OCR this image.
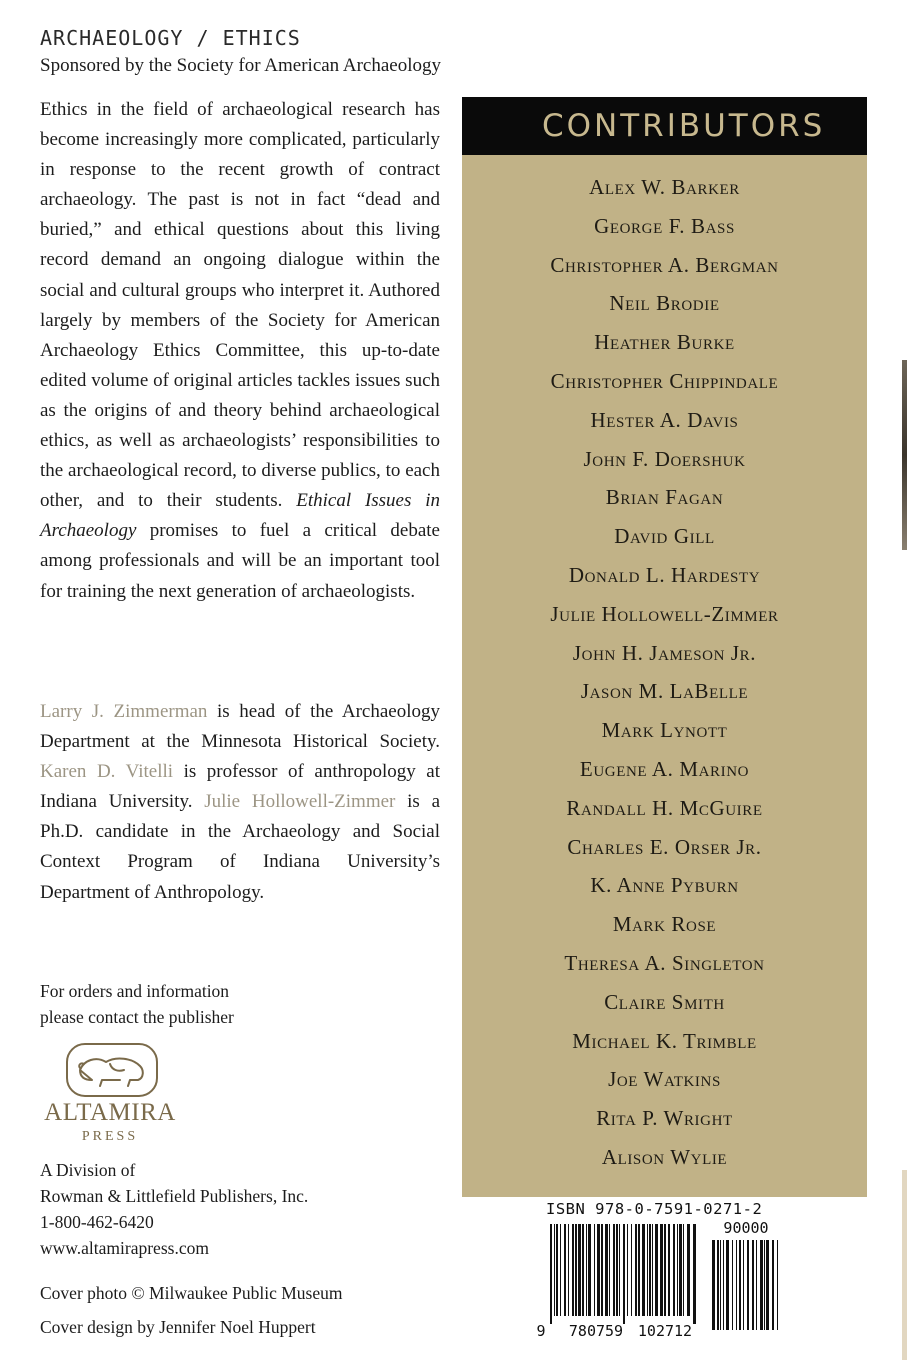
ARCHAEOLOGY / ETHICS
Sponsored by the Society for American Archaeology
Ethics in the field of archaeological research has become increasingly more complicated, particularly in response to the recent growth of contract archaeology. The past is not in fact “dead and buried,” and ethical questions about this living record demand an ongoing dialogue within the social and cultural groups who interpret it. Authored largely by members of the Society for American Archaeology Ethics Committee, this up-to-date edited volume of original articles tackles issues such as the origins of and theory behind archaeological ethics, as well as archaeologists’ responsibilities to the archaeological record, to diverse publics, to each other, and to their students. Ethical Issues in Archaeology promises to fuel a critical debate among professionals and will be an important tool for training the next generation of archaeologists.
Larry J. Zimmerman is head of the Archaeology Department at the Minnesota Historical Society. Karen D. Vitelli is professor of anthropology at Indiana University. Julie Hollowell-Zimmer is a Ph.D. candidate in the Archaeology and Social Context Program of Indiana University’s Department of Anthropology.
For orders and information
please contact the publisher
ALTAMIRA
PRESS
A Division of
Rowman & Littlefield Publishers, Inc.
1-800-462-6420
www.altamirapress.com
Cover photo © Milwaukee Public Museum
Cover design by Jennifer Noel Huppert
CONTRIBUTORS
Alex W. Barker
George F. Bass
Christopher A. Bergman
Neil Brodie
Heather Burke
Christopher Chippindale
Hester A. Davis
John F. Doershuk
Brian Fagan
David Gill
Donald L. Hardesty
Julie Hollowell-Zimmer
John H. Jameson Jr.
Jason M. LaBelle
Mark Lynott
Eugene A. Marino
Randall H. McGuire
Charles E. Orser Jr.
K. Anne Pyburn
Mark Rose
Theresa A. Singleton
Claire Smith
Michael K. Trimble
Joe Watkins
Rita P. Wright
Alison Wylie
ISBN 978-0-7591-0271-2
90000
9 780759 102712
